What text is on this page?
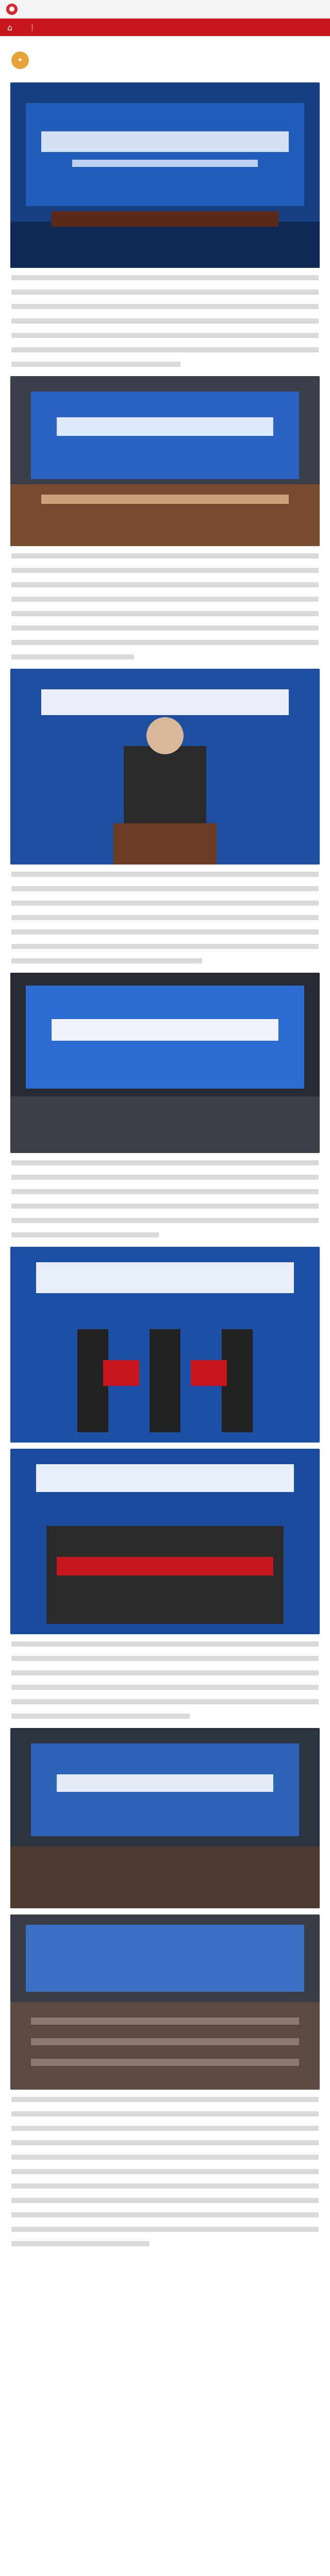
●
⌂	|
✦
